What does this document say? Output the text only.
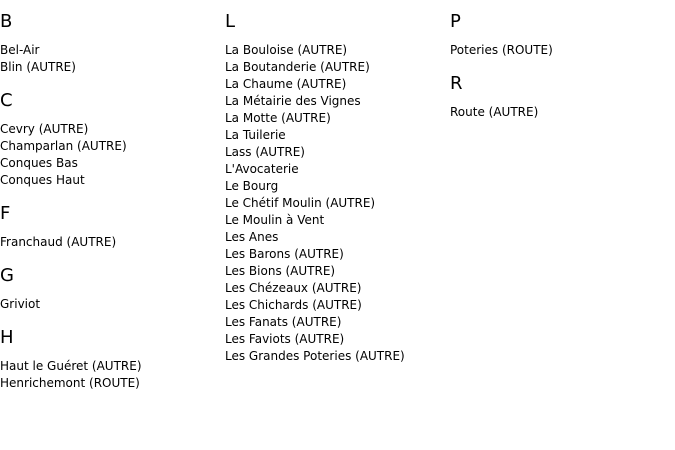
B
Bel-Air
Blin (AUTRE)
C
Cevry (AUTRE)
Champarlan (AUTRE)
Conques Bas
Conques Haut
F
Franchaud (AUTRE)
G
Griviot
H
Haut le Guéret (AUTRE)
Henrichemont (ROUTE)
L
La Bouloise (AUTRE)
La Boutanderie (AUTRE)
La Chaume (AUTRE)
La Métairie des Vignes
La Motte (AUTRE)
La Tuilerie
Lass (AUTRE)
L'Avocaterie
Le Bourg
Le Chétif Moulin (AUTRE)
Le Moulin à Vent
Les Anes
Les Barons (AUTRE)
Les Bions (AUTRE)
Les Chézeaux (AUTRE)
Les Chichards (AUTRE)
Les Fanats (AUTRE)
Les Faviots (AUTRE)
Les Grandes Poteries (AUTRE)
P
Poteries (ROUTE)
R
Route (AUTRE)
